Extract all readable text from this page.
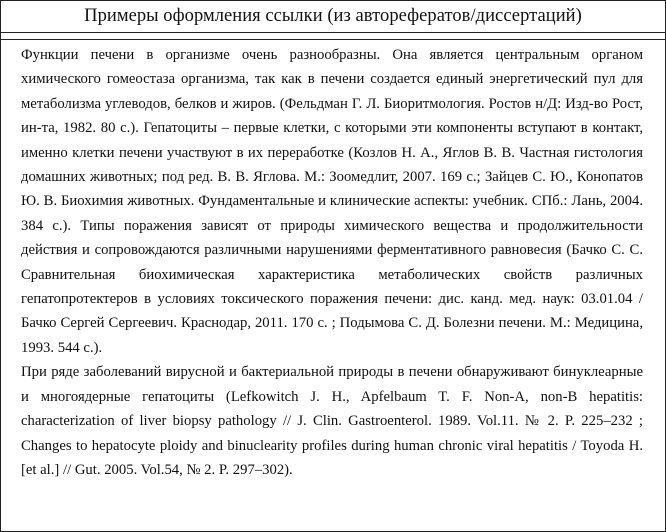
Примеры оформления ссылки (из авторефератов/диссертаций)

Функции печени в организме очень разнообразны. Она является центральным органом химического гомеостаза организма, так как в печени создается единый энергетический пул для метаболизма углеводов, белков и жиров. (Фельдман Г. Л. Биоритмология. Ростов н/Д: Изд-во Рост, ин-та, 1982. 80 с.). Гепатоциты – первые клетки, с которыми эти компоненты вступают в контакт, именно клетки печени участвуют в их переработке (Козлов Н. А., Яглов В. В. Частная гистология домашних животных; под ред. В. В. Яглова. М.: Зоомедлит, 2007. 169 с.; Зайцев С. Ю., Конопатов Ю. В. Биохимия животных. Фундаментальные и клинические аспекты: учебник. СПб.: Лань, 2004. 384 с.). Типы поражения зависят от природы химического вещества и продолжительности действия и сопровождаются различными нарушениями ферментативного равновесия (Бачко С. С. Сравнительная биохимическая характеристика метаболических свойств различных гепатопротектеров в условиях токсического поражения печени: дис. канд. мед. наук: 03.01.04 / Бачко Сергей Сергеевич. Краснодар, 2011. 170 с. ; Подымова С. Д. Болезни печени. М.: Медицина, 1993. 544 с.).

При ряде заболеваний вирусной и бактериальной природы в печени обнаруживают бинуклеарные и многоядерные гепатоциты (Lefkowitch J. H., Apfelbaum T. F. Non-A, non-B hepatitis: characterization of liver biopsy pathology // J. Clin. Gastroenterol. 1989. Vol.11. № 2. P. 225–232 ; Changes to hepatocyte ploidy and binuclearity profiles during human chronic viral hepatitis / Toyoda H. [et al.] // Gut. 2005. Vol.54, № 2. P. 297–302).
